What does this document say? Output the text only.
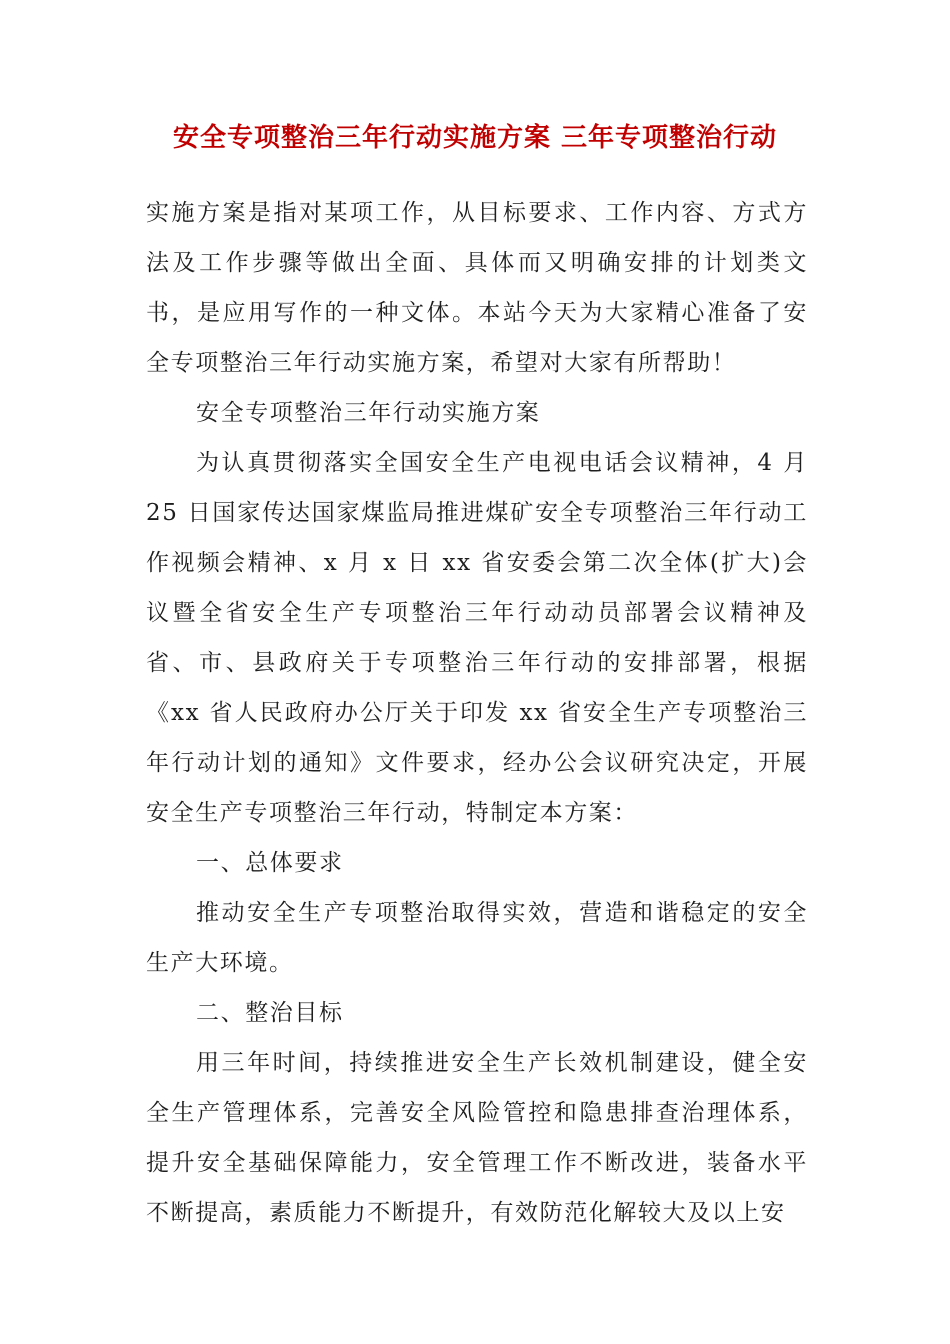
安全专项整治三年行动实施方案 三年专项整治行动

实施方案是指对某项工作，从目标要求、工作内容、方式方法及工作步骤等做出全面、具体而又明确安排的计划类文书，是应用写作的一种文体。本站今天为大家精心准备了安全专项整治三年行动实施方案，希望对大家有所帮助！

安全专项整治三年行动实施方案

为认真贯彻落实全国安全生产电视电话会议精神，4 月 25 日国家传达国家煤监局推进煤矿安全专项整治三年行动工作视频会精神、x 月 x 日 xx 省安委会第二次全体(扩大)会议暨全省安全生产专项整治三年行动动员部署会议精神及省、市、县政府关于专项整治三年行动的安排部署，根据《xx 省人民政府办公厅关于印发 xx 省安全生产专项整治三年行动计划的通知》文件要求，经办公会议研究决定，开展安全生产专项整治三年行动，特制定本方案：

一、总体要求

推动安全生产专项整治取得实效，营造和谐稳定的安全生产大环境。

二、整治目标

用三年时间，持续推进安全生产长效机制建设，健全安全生产管理体系，完善安全风险管控和隐患排查治理体系，提升安全基础保障能力，安全管理工作不断改进，装备水平不断提高，素质能力不断提升，有效防范化解较大及以上安
